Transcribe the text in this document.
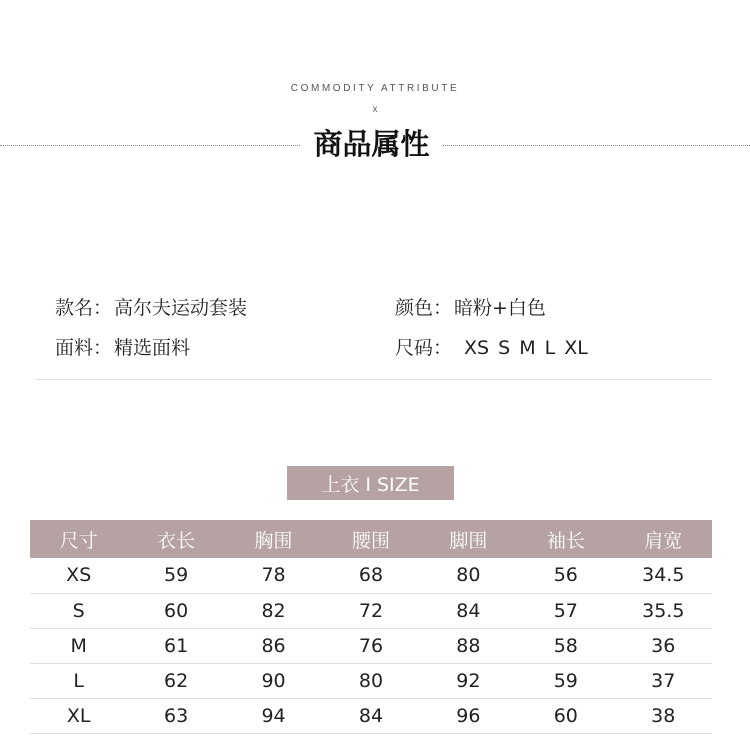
COMMODITY ATTRIBUTE
x
商品属性
款名： 高尔夫运动套装	颜色： 暗粉+白色
面料： 精选面料	尺码： XS S M L XL
上衣 I SIZE
尺寸	衣长	胸围	腰围	脚围	袖长	肩宽
XS	59	78	68	80	56	34.5
S	60	82	72	84	57	35.5
M	61	86	76	88	58	36
L	62	90	80	92	59	37
XL	63	94	84	96	60	38
